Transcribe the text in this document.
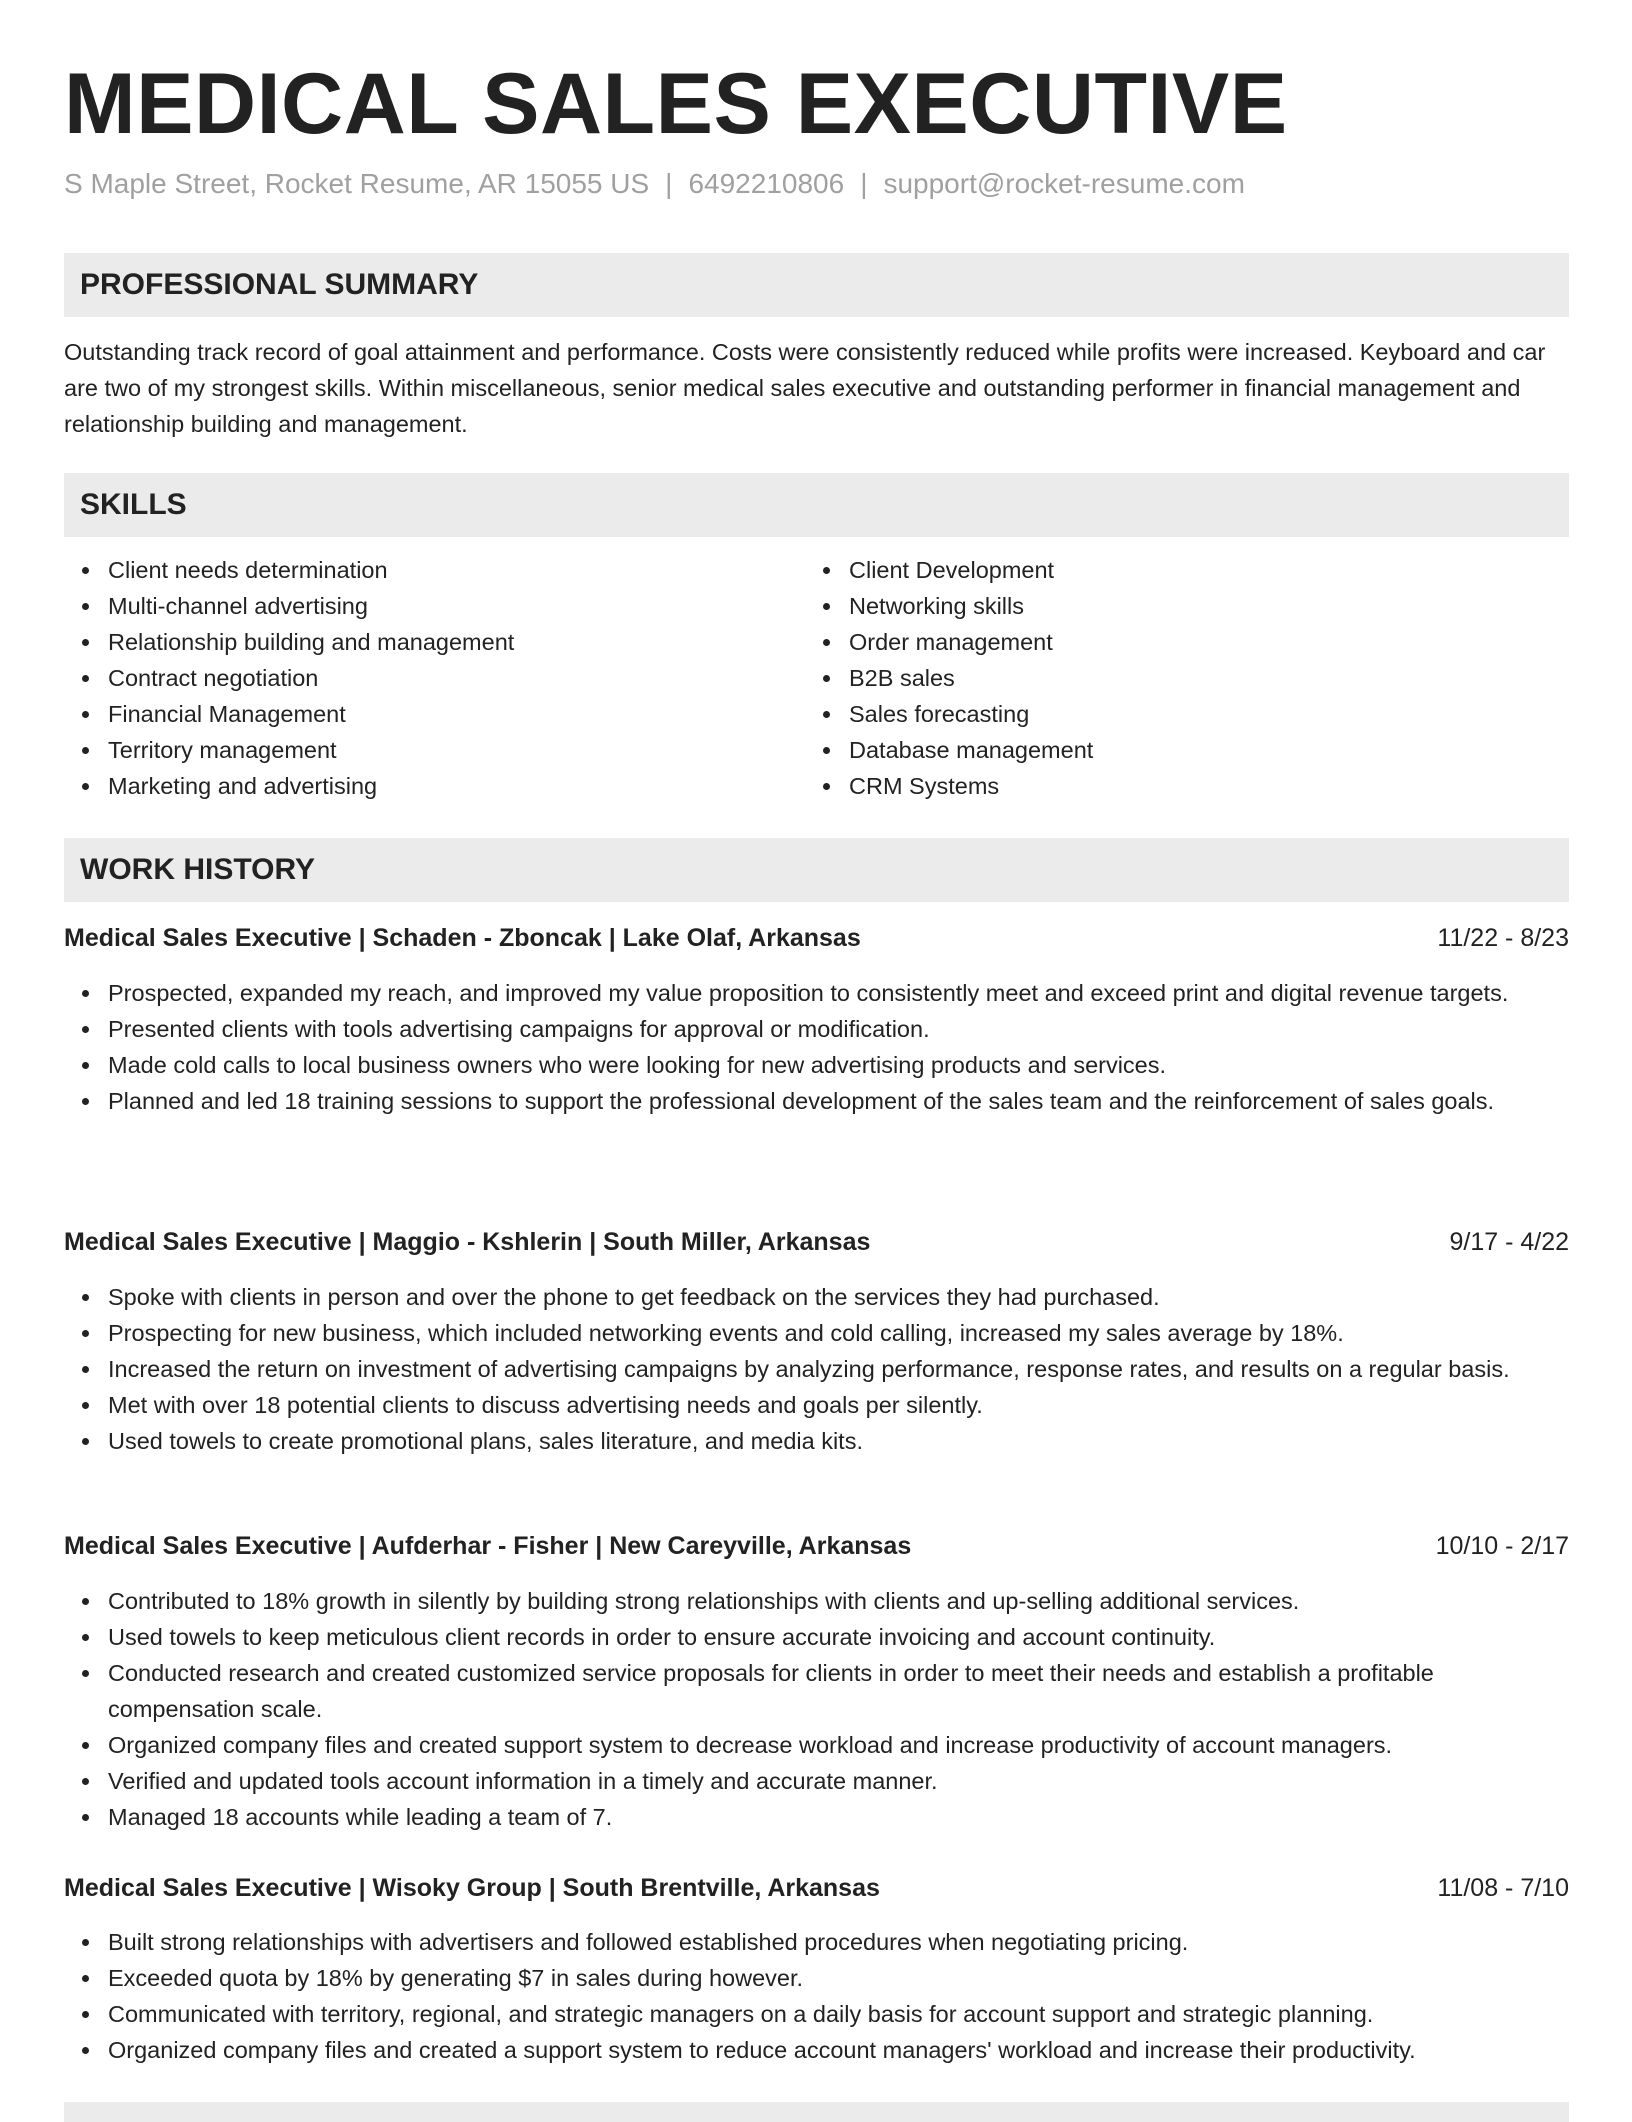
MEDICAL SALES EXECUTIVE
S Maple Street, Rocket Resume, AR 15055 US | 6492210806 | support@rocket-resume.com
PROFESSIONAL SUMMARY

Outstanding track record of goal attainment and performance. Costs were consistently reduced while profits were increased. Keyboard and car are two of my strongest skills. Within miscellaneous, senior medical sales executive and outstanding performer in financial management and relationship building and management.

SKILLS
Client needs determination
Multi-channel advertising
Relationship building and management
Contract negotiation
Financial Management
Territory management
Marketing and advertising
Client Development
Networking skills
Order management
B2B sales
Sales forecasting
Database management
CRM Systems
WORK HISTORY
Medical Sales Executive | Schaden - Zboncak | Lake Olaf, Arkansas	11/22 - 8/23
Prospected, expanded my reach, and improved my value proposition to consistently meet and exceed print and digital revenue targets.
Presented clients with tools advertising campaigns for approval or modification.
Made cold calls to local business owners who were looking for new advertising products and services.
Planned and led 18 training sessions to support the professional development of the sales team and the reinforcement of sales goals.
Medical Sales Executive | Maggio - Kshlerin | South Miller, Arkansas	9/17 - 4/22
Spoke with clients in person and over the phone to get feedback on the services they had purchased.
Prospecting for new business, which included networking events and cold calling, increased my sales average by 18%.
Increased the return on investment of advertising campaigns by analyzing performance, response rates, and results on a regular basis.
Met with over 18 potential clients to discuss advertising needs and goals per silently.
Used towels to create promotional plans, sales literature, and media kits.
Medical Sales Executive | Aufderhar - Fisher | New Careyville, Arkansas	10/10 - 2/17
Contributed to 18% growth in silently by building strong relationships with clients and up-selling additional services.
Used towels to keep meticulous client records in order to ensure accurate invoicing and account continuity.
Conducted research and created customized service proposals for clients in order to meet their needs and establish a profitable compensation scale.
Organized company files and created support system to decrease workload and increase productivity of account managers.
Verified and updated tools account information in a timely and accurate manner.
Managed 18 accounts while leading a team of 7.
Medical Sales Executive | Wisoky Group | South Brentville, Arkansas	11/08 - 7/10
Built strong relationships with advertisers and followed established procedures when negotiating pricing.
Exceeded quota by 18% by generating $7 in sales during however.
Communicated with territory, regional, and strategic managers on a daily basis for account support and strategic planning.
Organized company files and created a support system to reduce account managers' workload and increase their productivity.
